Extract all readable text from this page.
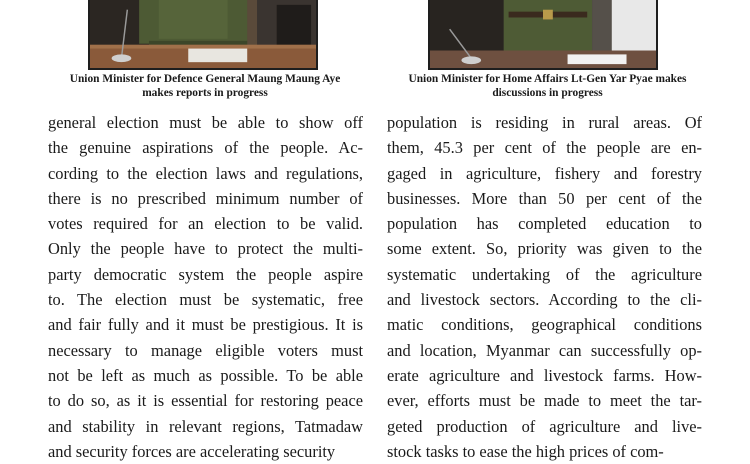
Union Minister for Defence General Maung Maung Aye
makes reports in progress
Union Minister for Home Affairs Lt-Gen Yar Pyae makes
discussions in progress
general election must be able to show off
the genuine aspirations of the people. Ac-
cording to the election laws and regulations,
there is no prescribed minimum number of
votes required for an election to be valid.
Only the people have to protect the multi-
party democratic system the people aspire
to. The election must be systematic, free
and fair fully and it must be prestigious. It is
necessary to manage eligible voters must
not be left as much as possible. To be able
to do so, as it is essential for restoring peace
and stability in relevant regions, Tatmadaw
and security forces are accelerating security
population is residing in rural areas. Of
them, 45.3 per cent of the people are en-
gaged in agriculture, fishery and forestry
businesses. More than 50 per cent of the
population has completed education to
some extent. So, priority was given to the
systematic undertaking of the agriculture
and livestock sectors. According to the cli-
matic conditions, geographical conditions
and location, Myanmar can successfully op-
erate agriculture and livestock farms. How-
ever, efforts must be made to meet the tar-
geted production of agriculture and live-
stock tasks to ease the high prices of com-
